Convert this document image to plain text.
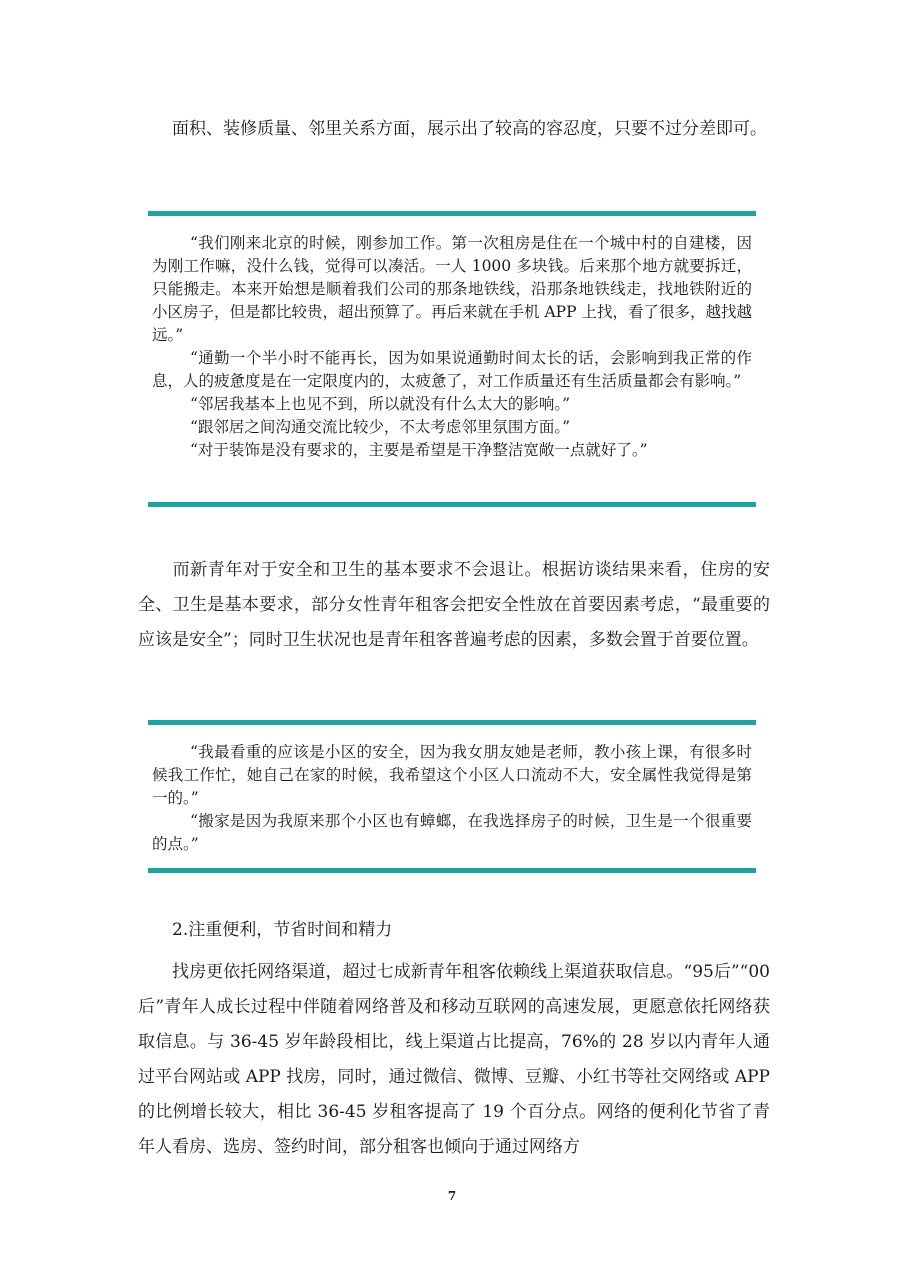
面积、装修质量、邻里关系方面，展示出了较高的容忍度，只要不过分差即可。

“我们刚来北京的时候，刚参加工作。第一次租房是住在一个城中村的自建楼，因为刚工作嘛，没什么钱，觉得可以凑活。一人 1000 多块钱。后来那个地方就要拆迁，只能搬走。本来开始想是顺着我们公司的那条地铁线，沿那条地铁线走，找地铁附近的小区房子，但是都比较贵，超出预算了。再后来就在手机 APP 上找，看了很多，越找越远。”

“通勤一个半小时不能再长，因为如果说通勤时间太长的话，会影响到我正常的作息，人的疲惫度是在一定限度内的，太疲惫了，对工作质量还有生活质量都会有影响。”

“邻居我基本上也见不到，所以就没有什么太大的影响。”

“跟邻居之间沟通交流比较少，不太考虑邻里氛围方面。”

“对于装饰是没有要求的，主要是希望是干净整洁宽敞一点就好了。”

而新青年对于安全和卫生的基本要求不会退让。根据访谈结果来看，住房的安全、卫生是基本要求，部分女性青年租客会把安全性放在首要因素考虑，“最重要的应该是安全”；同时卫生状况也是青年租客普遍考虑的因素，多数会置于首要位置。

“我最看重的应该是小区的安全，因为我女朋友她是老师，教小孩上课，有很多时候我工作忙，她自己在家的时候，我希望这个小区人口流动不大，安全属性我觉得是第一的。”

“搬家是因为我原来那个小区也有蟑螂，在我选择房子的时候，卫生是一个很重要的点。”

2.注重便利，节省时间和精力

找房更依托网络渠道，超过七成新青年租客依赖线上渠道获取信息。“95后”“00 后”青年人成长过程中伴随着网络普及和移动互联网的高速发展，更愿意依托网络获取信息。与 36-45 岁年龄段相比，线上渠道占比提高，76%的 28 岁以内青年人通过平台网站或 APP 找房，同时，通过微信、微博、豆瓣、小红书等社交网络或 APP 的比例增长较大，相比 36-45 岁租客提高了 19 个百分点。网络的便利化节省了青年人看房、选房、签约时间，部分租客也倾向于通过网络方

7
